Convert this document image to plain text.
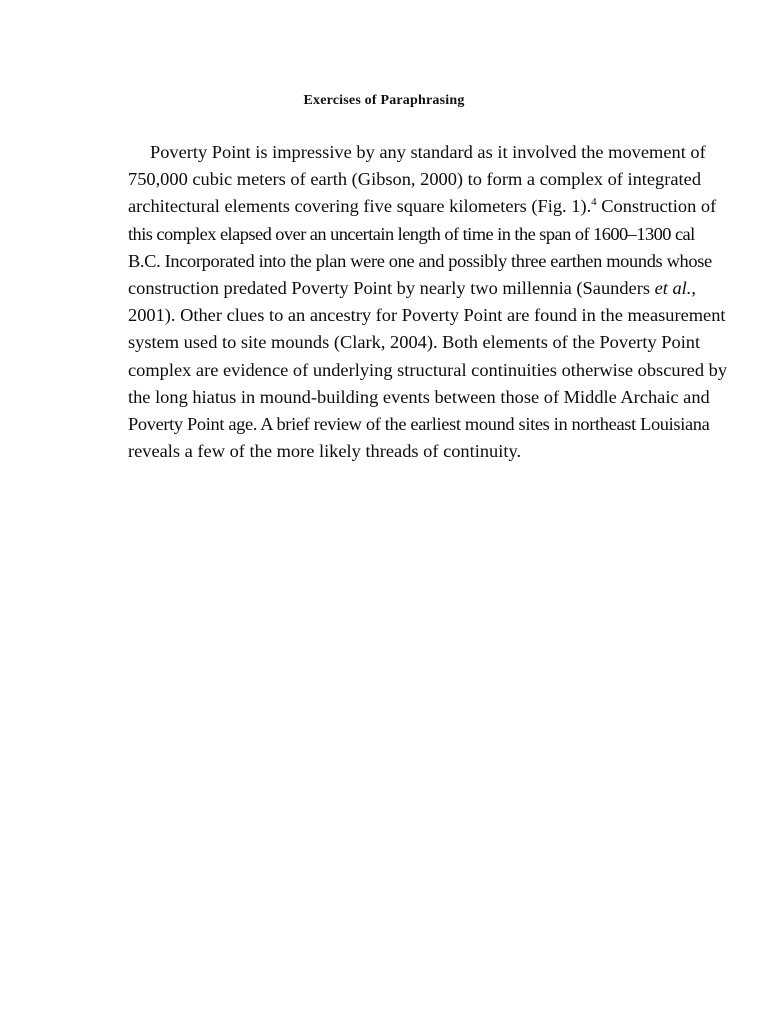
Exercises of Paraphrasing
Poverty Point is impressive by any standard as it involved the movement of
750,000 cubic meters of earth (Gibson, 2000) to form a complex of integrated
architectural elements covering five square kilometers (Fig. 1).$^4$ Construction of
this complex elapsed over an uncertain length of time in the span of 1600–1300 cal
B.C. Incorporated into the plan were one and possibly three earthen mounds whose
construction predated Poverty Point by nearly two millennia (Saunders et al.,
2001). Other clues to an ancestry for Poverty Point are found in the measurement
system used to site mounds (Clark, 2004). Both elements of the Poverty Point
complex are evidence of underlying structural continuities otherwise obscured by
the long hiatus in mound-building events between those of Middle Archaic and
Poverty Point age. A brief review of the earliest mound sites in northeast Louisiana
reveals a few of the more likely threads of continuity.
